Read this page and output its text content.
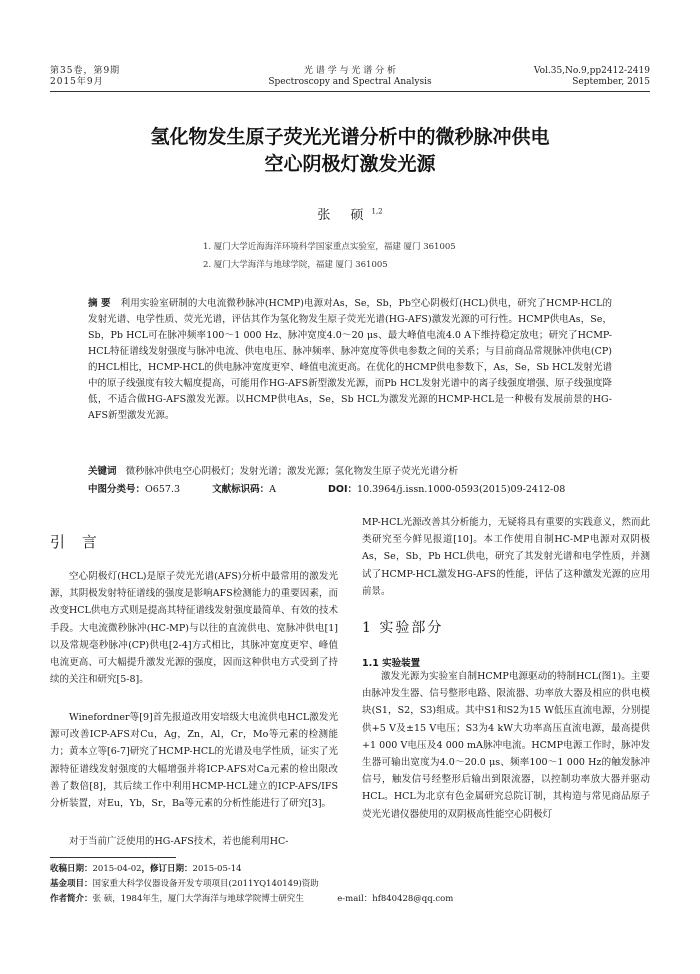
第35卷，第9期
2015年9月
光 谱 学 与 光 谱 分 析
Spectroscopy and Spectral Analysis
Vol.35,No.9,pp2412-2419
September, 2015
氢化物发生原子荧光光谱分析中的微秒脉冲供电
空心阴极灯激发光源
张 硕$^{1,2}$
1. 厦门大学近海海洋环境科学国家重点实验室，福建 厦门 361005
2. 厦门大学海洋与地球学院，福建 厦门 361005
摘 要 利用实验室研制的大电流微秒脉冲(HCMP)电源对As，Se，Sb，Pb空心阴极灯(HCL)供电，研究了HCMP-HCL的发射光谱、电学性质、荧光光谱，评估其作为氢化物发生原子荧光光谱(HG-AFS)激发光源的可行性。HCMP供电As，Se，Sb，Pb HCL可在脉冲频率100～1 000 Hz、脉冲宽度4.0～20 μs、最大峰值电流4.0 A下维持稳定放电；研究了HCMP-HCL特征谱线发射强度与脉冲电流、供电电压、脉冲频率、脉冲宽度等供电参数之间的关系；与目前商品常规脉冲供电(CP)的HCL相比，HCMP-HCL的供电脉冲宽度更窄、峰值电流更高。在优化的HCMP供电参数下，As，Se，Sb HCL发射光谱中的原子线强度有较大幅度提高，可能用作HG-AFS新型激发光源，而Pb HCL发射光谱中的离子线强度增强、原子线强度降低，不适合做HG-AFS激发光源。以HCMP供电As，Se，Sb HCL为激发光源的HCMP-HCL是一种极有发展前景的HG-AFS新型激发光源。
关键词 微秒脉冲供电空心阴极灯；发射光谱；激发光源；氢化物发生原子荧光光谱分析
中图分类号：O657.3	文献标识码：A	DOI：10.3964/j.issn.1000-0593(2015)09-2412-08
引 言
空心阴极灯(HCL)是原子荧光光谱(AFS)分析中最常用的激发光源，其阴极发射特征谱线的强度是影响AFS检测能力的重要因素，而改变HCL供电方式则是提高其特征谱线发射强度最简单、有效的技术手段。大电流微秒脉冲(HC-MP)与以往的直流供电、宽脉冲供电[1]以及常规毫秒脉冲(CP)供电[2-4]方式相比，其脉冲宽度更窄、峰值电流更高、可大幅提升激发光源的强度，因而这种供电方式受到了持续的关注和研究[5-8]。
Winefordner等[9]首先报道改用安培级大电流供电HCL激发光源可改善ICP-AFS对Cu，Ag，Zn，Al，Cr，Mo等元素的检测能力；黄本立等[6-7]研究了HCMP-HCL的光谱及电学性质，证实了光源特征谱线发射强度的大幅增强并将ICP-AFS对Ca元素的检出限改善了数倍[8]，其后续工作中利用HCMP-HCL建立的ICP-AFS/IFS分析装置，对Eu，Yb，Sr，Ba等元素的分析性能进行了研究[3]。
对于当前广泛使用的HG-AFS技术，若也能利用HC-
MP-HCL光源改善其分析能力，无疑将具有重要的实践意义，然而此类研究至今鲜见报道[10]。本工作使用自制HC-MP电源对双阴极As，Se，Sb，Pb HCL供电，研究了其发射光谱和电学性质，并测试了HCMP-HCL激发HG-AFS的性能，评估了这种激发光源的应用前景。
1 实验部分
1.1 实验装置
激发光源为实验室自制HCMP电源驱动的特制HCL(图1)。主要由脉冲发生器、信号整形电路、限流器、功率放大器及相应的供电模块(S1，S2，S3)组成。其中S1和S2为15 W低压直流电源，分别提供+5 V及±15 V电压；S3为4 kW大功率高压直流电源，最高提供+1 000 V电压及4 000 mA脉冲电流。HCMP电源工作时，脉冲发生器可输出宽度为4.0～20.0 μs、频率100～1 000 Hz的触发脉冲信号，触发信号经整形后输出到限流器，以控制功率放大器并驱动HCL。HCL为北京有色金属研究总院订制，其构造与常见商品原子荧光光谱仪器使用的双阴极高性能空心阴极灯
收稿日期：2015-04-02，修订日期：2015-05-14
基金项目：国家重大科学仪器设备开发专项项目(2011YQ140149)资助
作者简介：张 硕，1984年生，厦门大学海洋与地球学院博士研究生	e-mail：hf840428@qq.com
